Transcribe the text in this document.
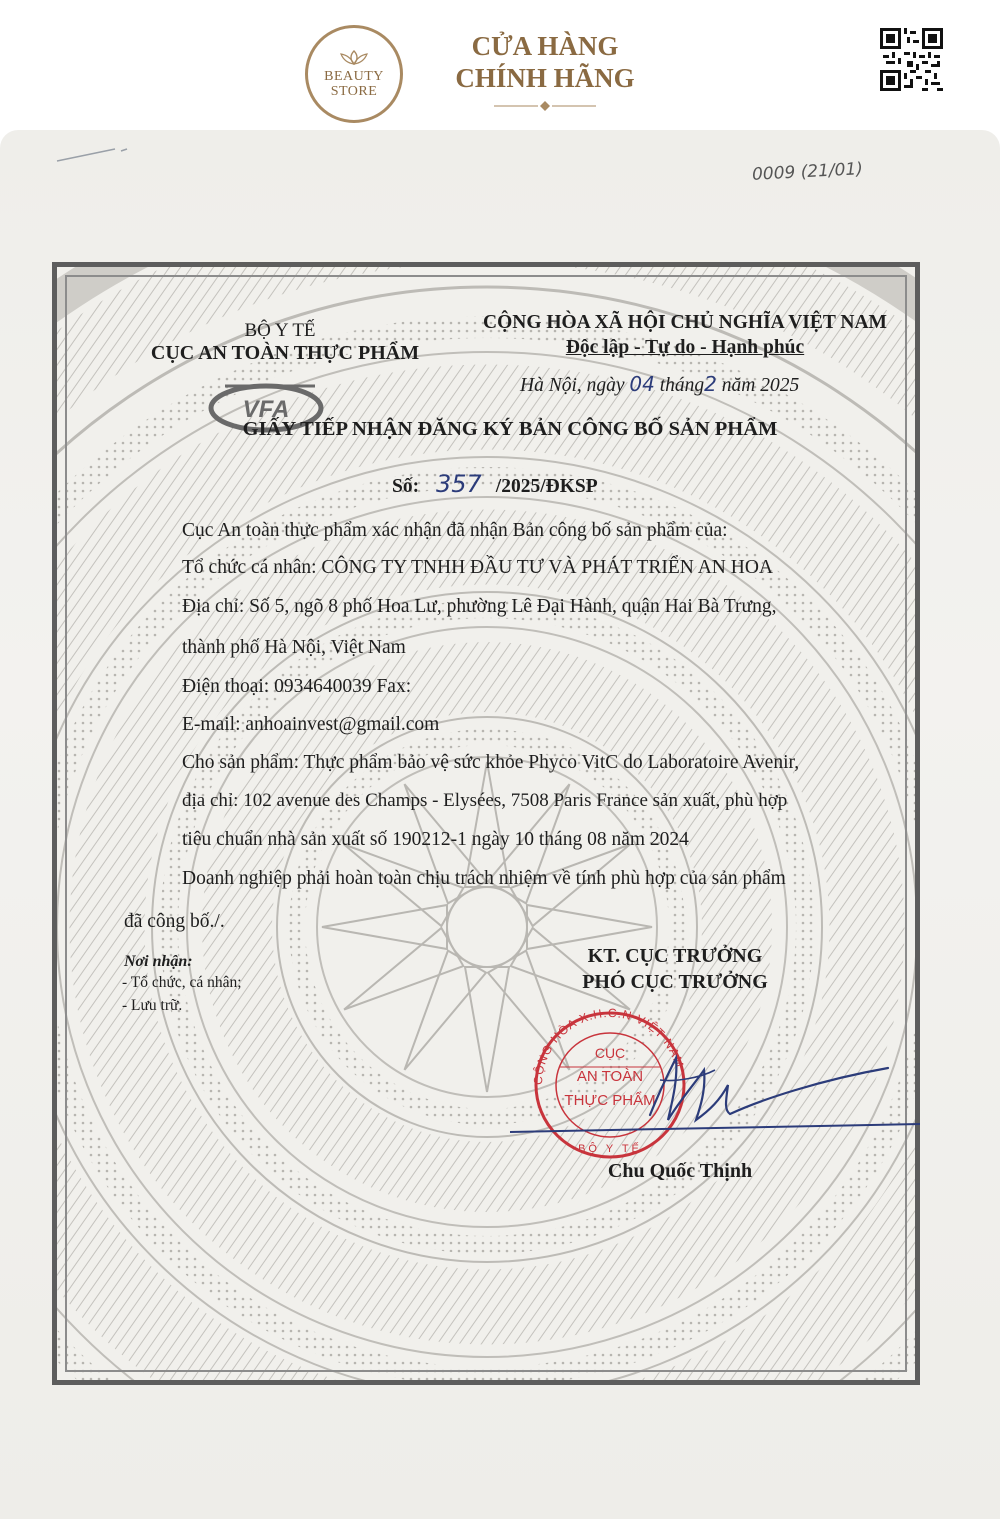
BEAUTY
STORE
CỬA HÀNG
CHÍNH HÃNG
0009 (21/01)
BỘ Y TẾ
CỤC AN TOÀN THỰC PHẨM
VFA
CỘNG HÒA XÃ HỘI CHỦ NGHĨA VIỆT NAM
Độc lập - Tự do - Hạnh phúc
Hà Nội, ngày 04 tháng2 năm 2025
GIẤY TIẾP NHẬN ĐĂNG KÝ BẢN CÔNG BỐ SẢN PHẨM
Số: 357 /2025/ĐKSP
Cục An toàn thực phẩm xác nhận đã nhận Bản công bố sản phẩm của:
Tổ chức cá nhân: CÔNG TY TNHH ĐẦU TƯ VÀ PHÁT TRIỂN AN HOA
Địa chỉ: Số 5, ngõ 8 phố Hoa Lư, phường Lê Đại Hành, quận Hai Bà Trưng,
thành phố Hà Nội, Việt Nam
Điện thoại: 0934640039 Fax:
E-mail: anhoainvest@gmail.com
Cho sản phẩm: Thực phẩm bảo vệ sức khỏe Phyco VitC do Laboratoire Avenir,
địa chỉ: 102 avenue des Champs - Elysées, 7508 Paris France sản xuất, phù hợp
tiêu chuẩn nhà sản xuất số 190212-1 ngày 10 tháng 08 năm 2024
Doanh nghiệp phải hoàn toàn chịu trách nhiệm về tính phù hợp của sản phẩm
đã công bố./.
Nơi nhận:
- Tổ chức, cá nhân;
- Lưu trữ.
KT. CỤC TRƯỞNG
PHÓ CỤC TRƯỞNG
CỘNG HÒA X.H.C.N VIỆT NAM
BỘ Y TẾ
CỤC
AN TOÀN
THỰC PHẨM
Chu Quốc Thịnh
